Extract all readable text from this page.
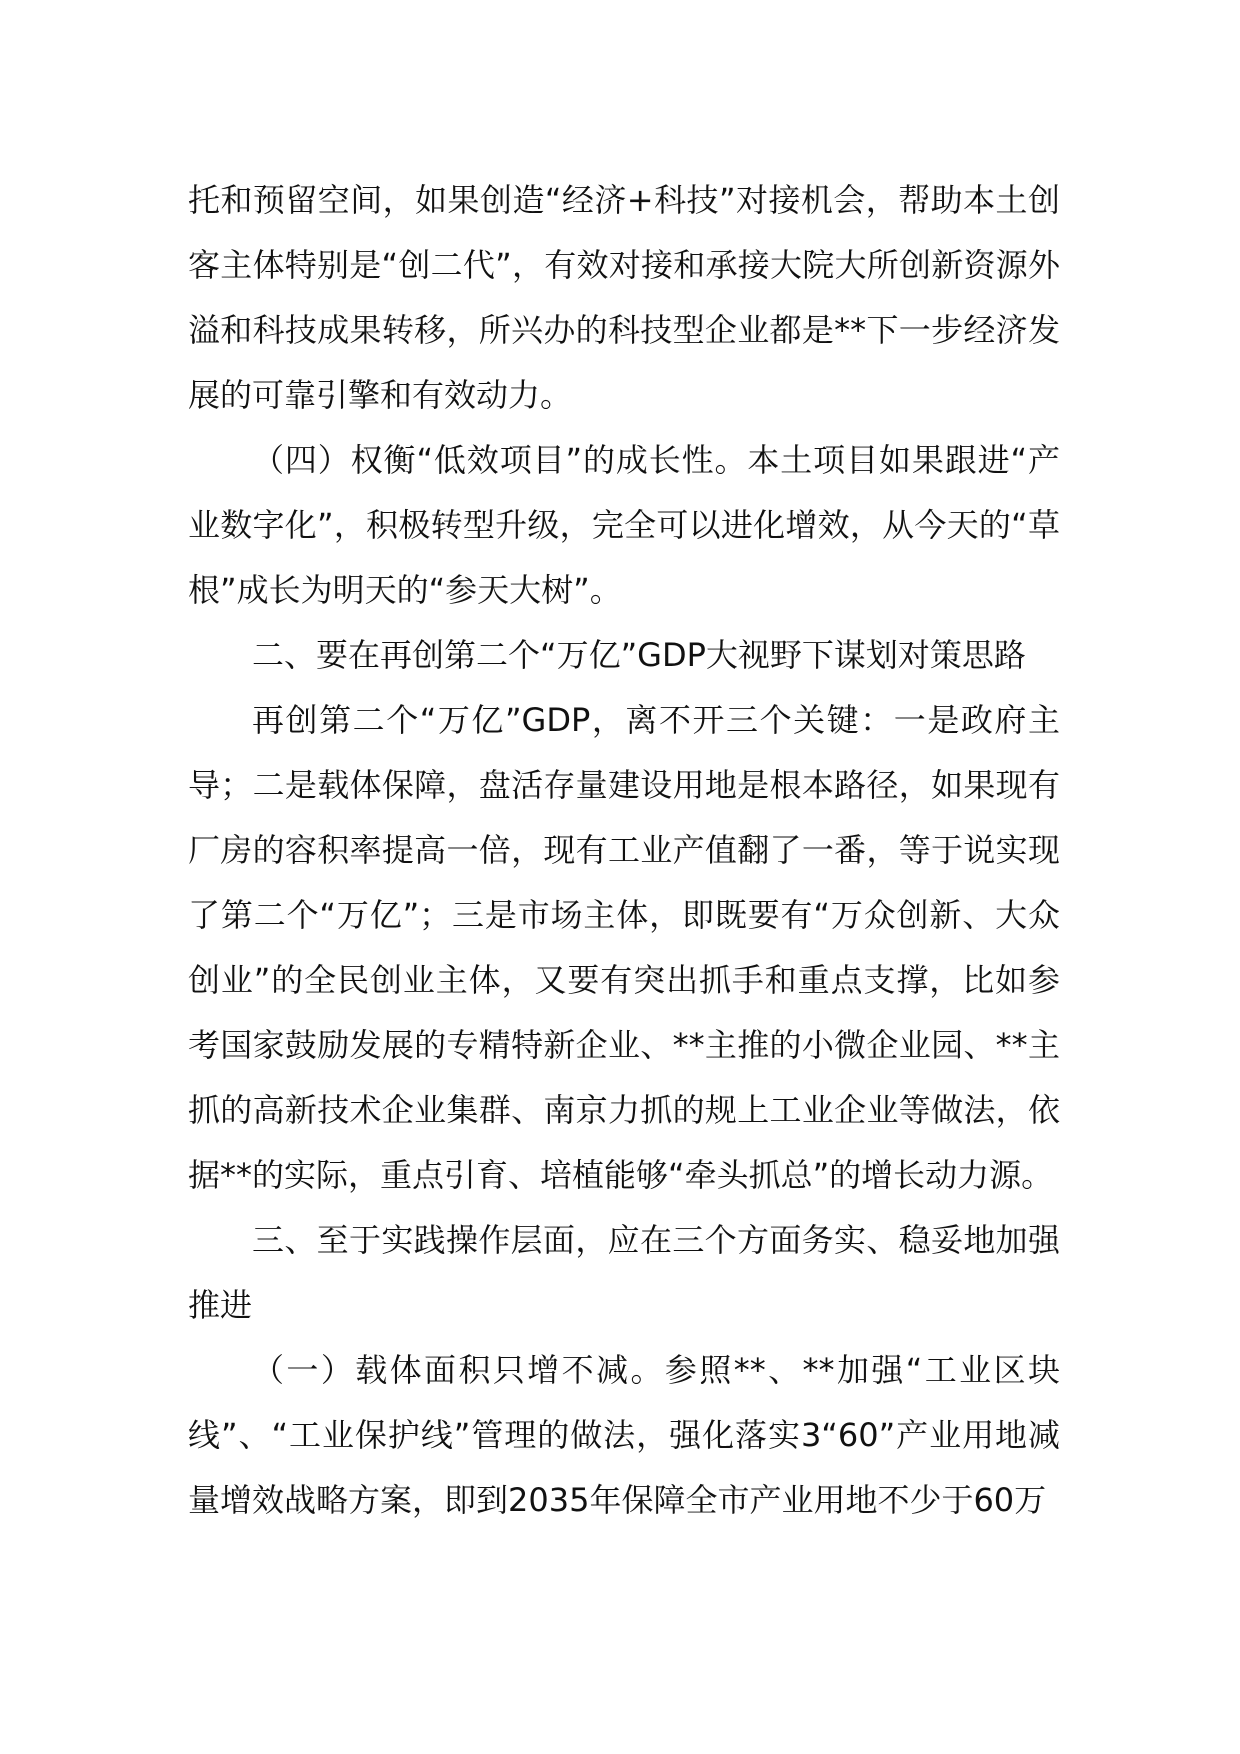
托和预留空间，如果创造“经济+科技”对接机会，帮助本土创客主体特别是“创二代”，有效对接和承接大院大所创新资源外溢和科技成果转移，所兴办的科技型企业都是**下一步经济发展的可靠引擎和有效动力。

（四）权衡“低效项目”的成长性。本土项目如果跟进“产业数字化”，积极转型升级，完全可以进化增效，从今天的“草根”成长为明天的“参天大树”。

二、要在再创第二个“万亿”GDP大视野下谋划对策思路

再创第二个“万亿”GDP，离不开三个关键：一是政府主导；二是载体保障，盘活存量建设用地是根本路径，如果现有厂房的容积率提高一倍，现有工业产值翻了一番，等于说实现了第二个“万亿”；三是市场主体，即既要有“万众创新、大众创业”的全民创业主体，又要有突出抓手和重点支撑，比如参考国家鼓励发展的专精特新企业、**主推的小微企业园、**主抓的高新技术企业集群、南京力抓的规上工业企业等做法，依据**的实际，重点引育、培植能够“牵头抓总”的增长动力源。

三、至于实践操作层面，应在三个方面务实、稳妥地加强推进

（一）载体面积只增不减。参照**、**加强“工业区块线”、“工业保护线”管理的做法，强化落实3“60”产业用地减量增效战略方案，即到2035年保障全市产业用地不少于60万
